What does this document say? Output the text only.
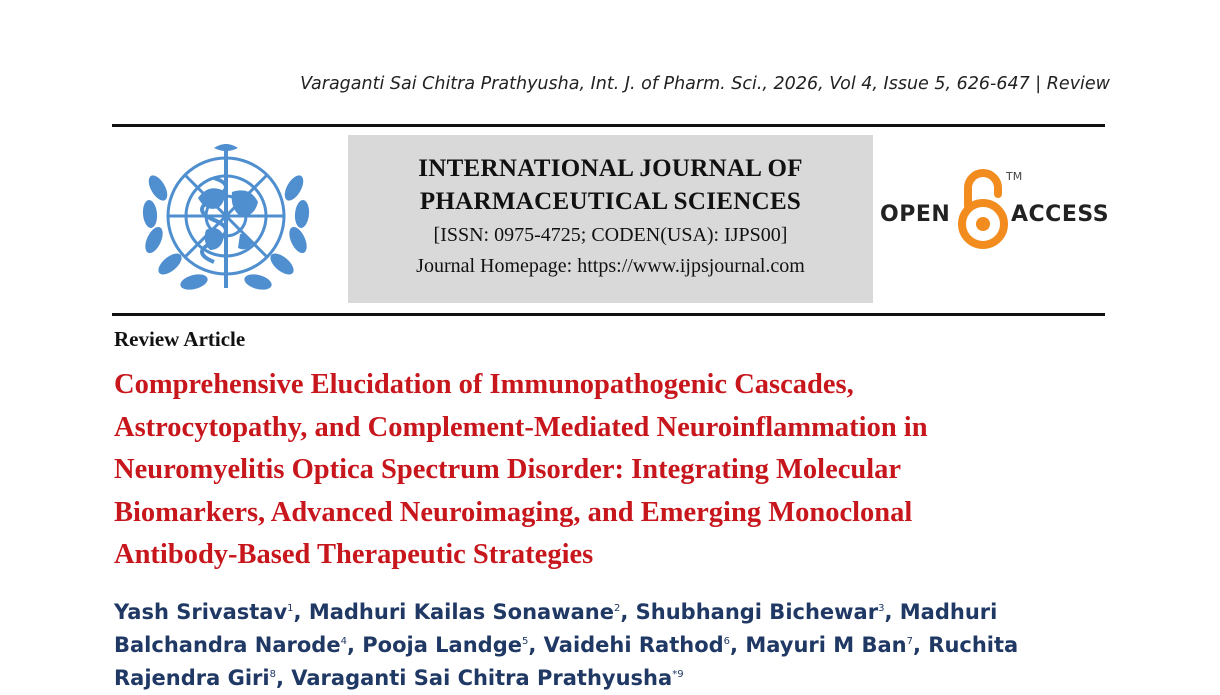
Varaganti Sai Chitra Prathyusha, Int. J. of Pharm. Sci., 2026, Vol 4, Issue 5, 626-647 | Review
INTERNATIONAL JOURNAL OF
PHARMACEUTICAL SCIENCES
[ISSN: 0975-4725; CODEN(USA): IJPS00]
Journal Homepage: https://www.ijpsjournal.com
OPEN
TM
ACCESS
Review Article
Comprehensive Elucidation of Immunopathogenic Cascades,
Astrocytopathy, and Complement-Mediated Neuroinflammation in
Neuromyelitis Optica Spectrum Disorder: Integrating Molecular
Biomarkers, Advanced Neuroimaging, and Emerging Monoclonal
Antibody-Based Therapeutic Strategies
Yash Srivastav$^1$, Madhuri Kailas Sonawane$^2$, Shubhangi Bichewar$^3$, Madhuri
Balchandra Narode$^4$, Pooja Landge$^5$, Vaidehi Rathod$^6$, Mayuri M Ban$^7$, Ruchita
Rajendra Giri$^8$, Varaganti Sai Chitra Prathyusha$^{*9}$
